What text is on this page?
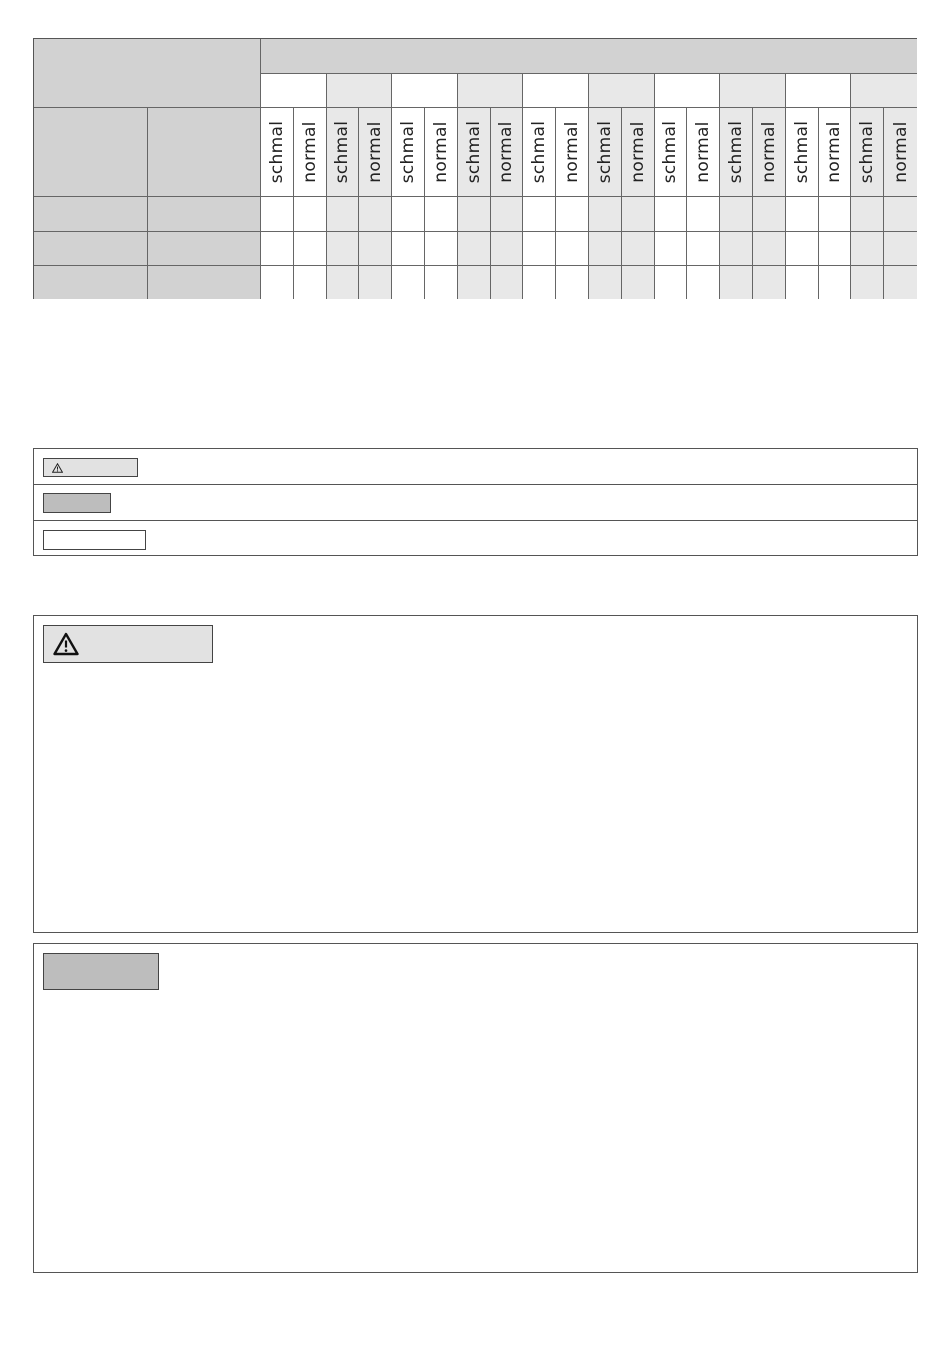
schmal normal schmal normal schmal normal schmal normal schmal normal schmal normal schmal normal schmal normal schmal normal schmal normal
